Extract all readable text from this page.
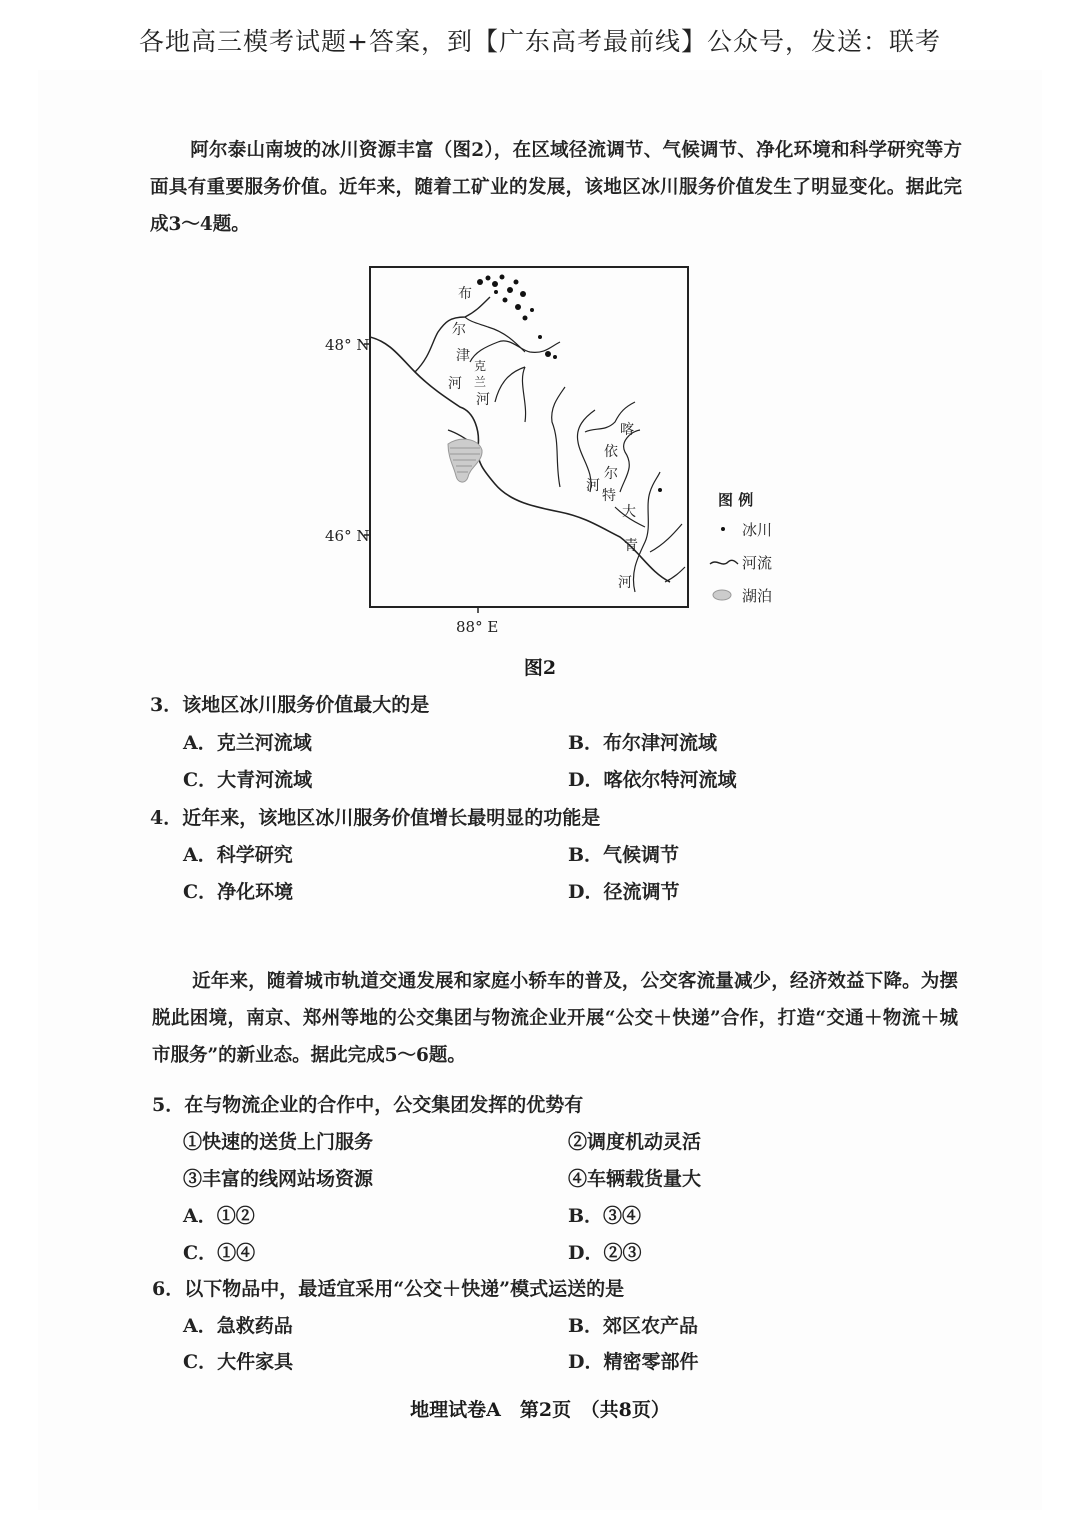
各地高三模考试题+答案，到【广东高考最前线】公众号，发送：联考
阿尔泰山南坡的冰川资源丰富（图2），在区域径流调节、气候调节、净化环境和科学研究等方面具有重要服务价值。近年来，随着工矿业的发展，该地区冰川服务价值发生了明显变化。据此完成3～4题。
48° N
46° N
88° E
布
尔
津
河
克
兰
河
喀
依
尔
特
河
大
青
河
图 例
冰川
河流
湖泊
图2
3．该地区冰川服务价值最大的是
A．克兰河流域	B．布尔津河流域
C．大青河流域	D．喀依尔特河流域
4．近年来，该地区冰川服务价值增长最明显的功能是
A．科学研究	B．气候调节
C．净化环境	D．径流调节
近年来，随着城市轨道交通发展和家庭小轿车的普及，公交客流量减少，经济效益下降。为摆脱此困境，南京、郑州等地的公交集团与物流企业开展“公交＋快递”合作，打造“交通＋物流＋城市服务”的新业态。据此完成5～6题。
5．在与物流企业的合作中，公交集团发挥的优势有
①快速的送货上门服务	②调度机动灵活
③丰富的线网站场资源	④车辆载货量大
A．①②	B．③④
C．①④	D．②③
6．以下物品中，最适宜采用“公交＋快递”模式运送的是
A．急救药品	B．郊区农产品
C．大件家具	D．精密零部件
地理试卷A　第2页　（共8页）
